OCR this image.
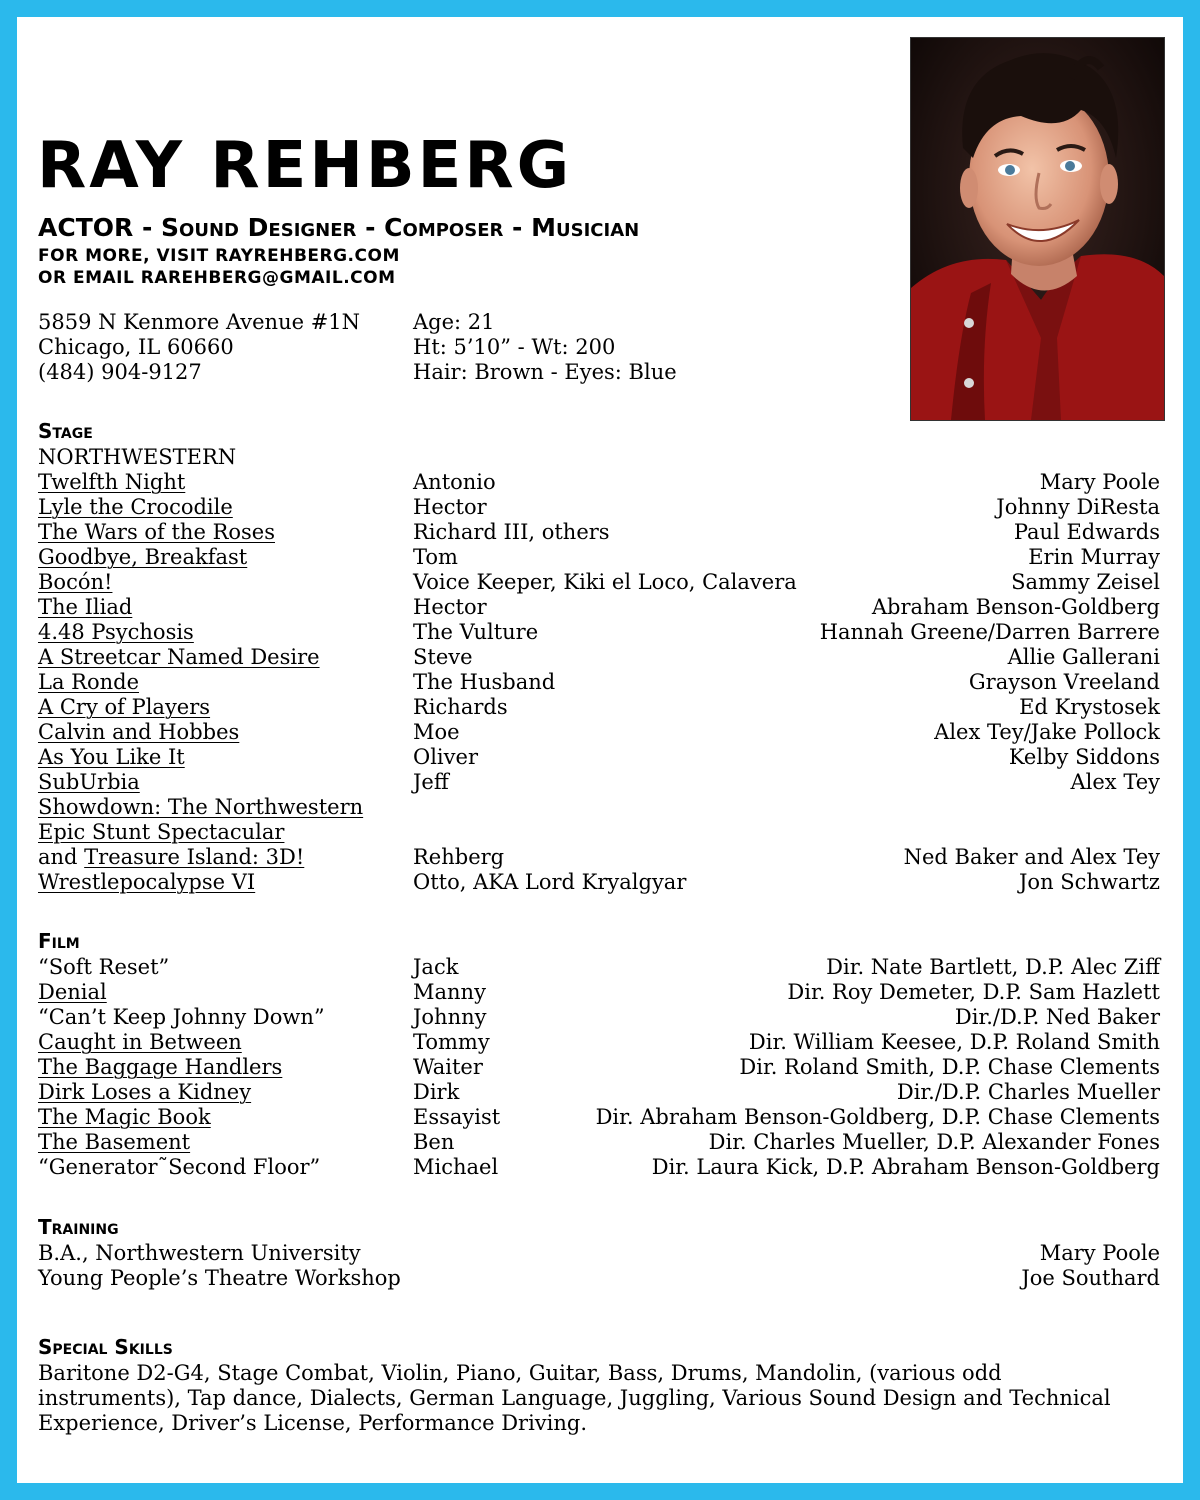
RAY REHBERG
ACTOR - Sound Designer - Composer - Musician
FOR MORE, VISIT RAYREHBERG.COM
OR EMAIL RAREHBERG@GMAIL.COM
5859 N Kenmore Avenue #1N
Chicago, IL 60660
(484) 904-9127
Age: 21
Ht: 5’10” - Wt: 200
Hair: Brown - Eyes: Blue
Stage
NORTHWESTERN
Twelfth Night	Antonio	Mary Poole
Lyle the Crocodile	Hector	Johnny DiResta
The Wars of the Roses	Richard III, others	Paul Edwards
Goodbye, Breakfast	Tom	Erin Murray
Bocón!	Voice Keeper, Kiki el Loco, Calavera	Sammy Zeisel
The Iliad	Hector	Abraham Benson-Goldberg
4.48 Psychosis	The Vulture	Hannah Greene/Darren Barrere
A Streetcar Named Desire	Steve	Allie Gallerani
La Ronde	The Husband	Grayson Vreeland
A Cry of Players	Richards	Ed Krystosek
Calvin and Hobbes	Moe	Alex Tey/Jake Pollock
As You Like It	Oliver	Kelby Siddons
SubUrbia	Jeff	Alex Tey
Showdown: The Northwestern
Epic Stunt Spectacular
and Treasure Island: 3D!	Rehberg	Ned Baker and Alex Tey
Wrestlepocalypse VI	Otto, AKA Lord Kryalgyar	Jon Schwartz
Film
“Soft Reset”	Jack	Dir. Nate Bartlett, D.P. Alec Ziff
Denial	Manny	Dir. Roy Demeter, D.P. Sam Hazlett
“Can’t Keep Johnny Down”	Johnny	Dir./D.P. Ned Baker
Caught in Between	Tommy	Dir. William Keesee, D.P. Roland Smith
The Baggage Handlers	Waiter	Dir. Roland Smith, D.P. Chase Clements
Dirk Loses a Kidney	Dirk	Dir./D.P. Charles Mueller
The Magic Book	Essayist	Dir. Abraham Benson-Goldberg, D.P. Chase Clements
The Basement	Ben	Dir. Charles Mueller, D.P. Alexander Fones
“Generator˜Second Floor”	Michael	Dir. Laura Kick, D.P. Abraham Benson-Goldberg
Training
B.A., Northwestern University	Mary Poole
Young People’s Theatre Workshop	Joe Southard
Special Skills
Baritone D2-G4, Stage Combat, Violin, Piano, Guitar, Bass, Drums, Mandolin, (various odd
instruments), Tap dance, Dialects, German Language, Juggling, Various Sound Design and Technical
Experience, Driver’s License, Performance Driving.
